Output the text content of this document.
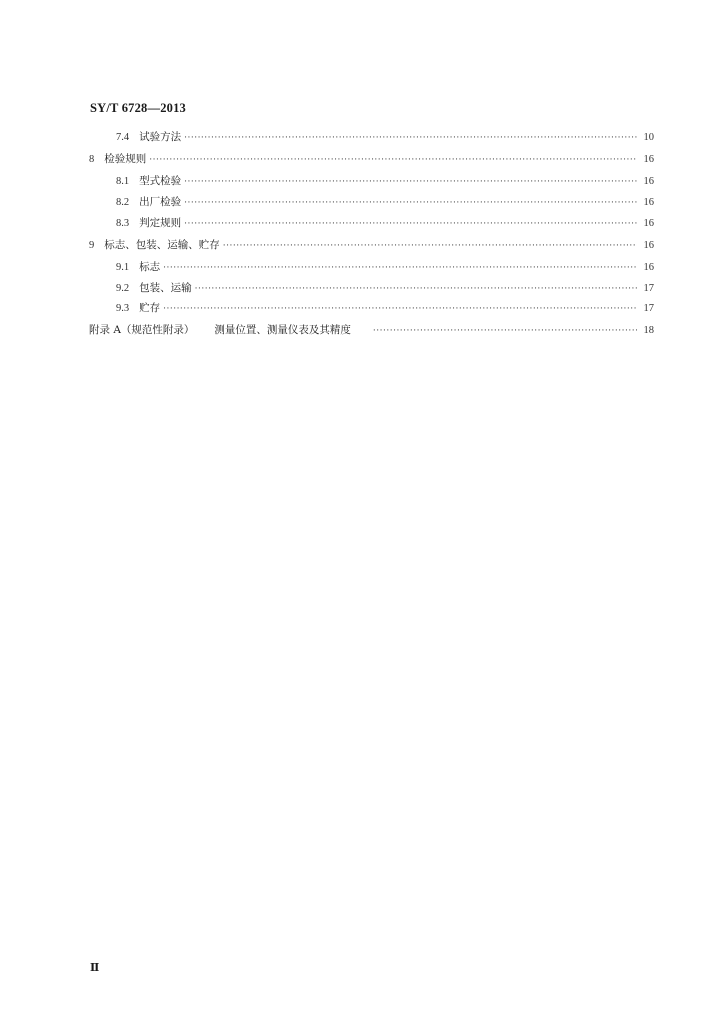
SY/T 6728—2013
7.4 试验方法 ·····	10
8 检验规则 ·····	16
8.1 型式检验 ·····	16
8.2 出厂检验 ·····	16
8.3 判定规则 ·····	16
9 标志、包装、运输、贮存 ·····	16
9.1 标志 ·····	16
9.2 包装、运输 ·····	17
9.3 贮存 ·····	17
附录 A（规范性附录） 测量位置、测量仪表及其精度 ·····	18
Ⅱ
